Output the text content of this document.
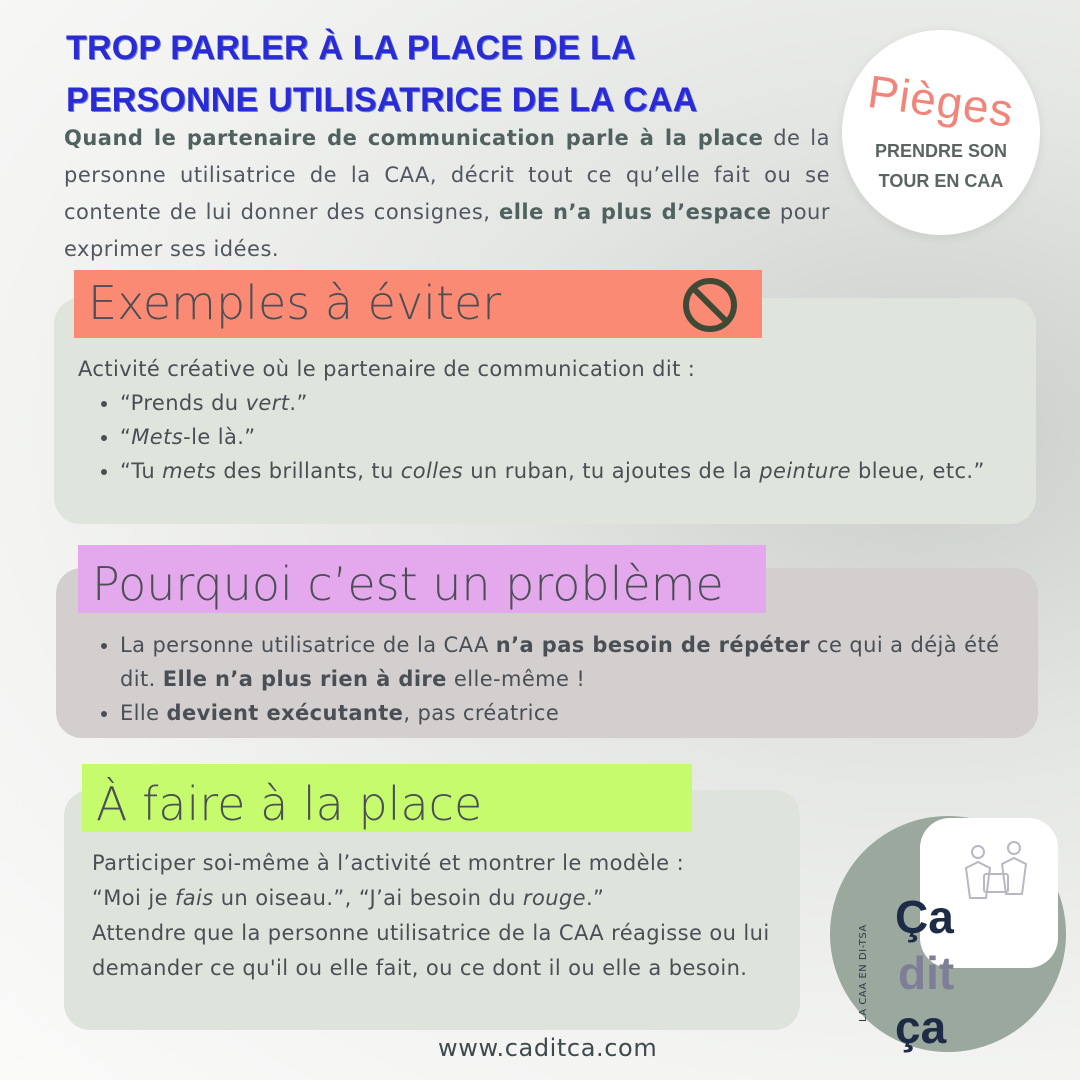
TROP PARLER À LA PLACE DE LA
PERSONNE UTILISATRICE DE LA CAA

Quand le partenaire de communication parle à la place de la personne utilisatrice de la CAA, décrit tout ce qu’elle fait ou se contente de lui donner des consignes, elle n’a plus d’espace pour exprimer ses idées.

Pièges
PRENDRE SON
TOUR EN CAA
Exemples à éviter
Activité créative où le partenaire de communication dit :
• “Prends du vert.”
• “Mets-le là.”
• “Tu mets des brillants, tu colles un ruban, tu ajoutes de la peinture bleue, etc.”
Pourquoi c’est un problème
• La personne utilisatrice de la CAA n’a pas besoin de répéter ce qui a déjà été dit. Elle n’a plus rien à dire elle-même !
• Elle devient exécutante, pas créatrice
À faire à la place
Participer soi-même à l’activité et montrer le modèle :
“Moi je fais un oiseau.”, “J’ai besoin du rouge.”
Attendre que la personne utilisatrice de la CAA réagisse ou lui demander ce qu'il ou elle fait, ou ce dont il ou elle a besoin.
www.caditca.com
LA CAA EN DI-TSA
Ça
dit
ça
